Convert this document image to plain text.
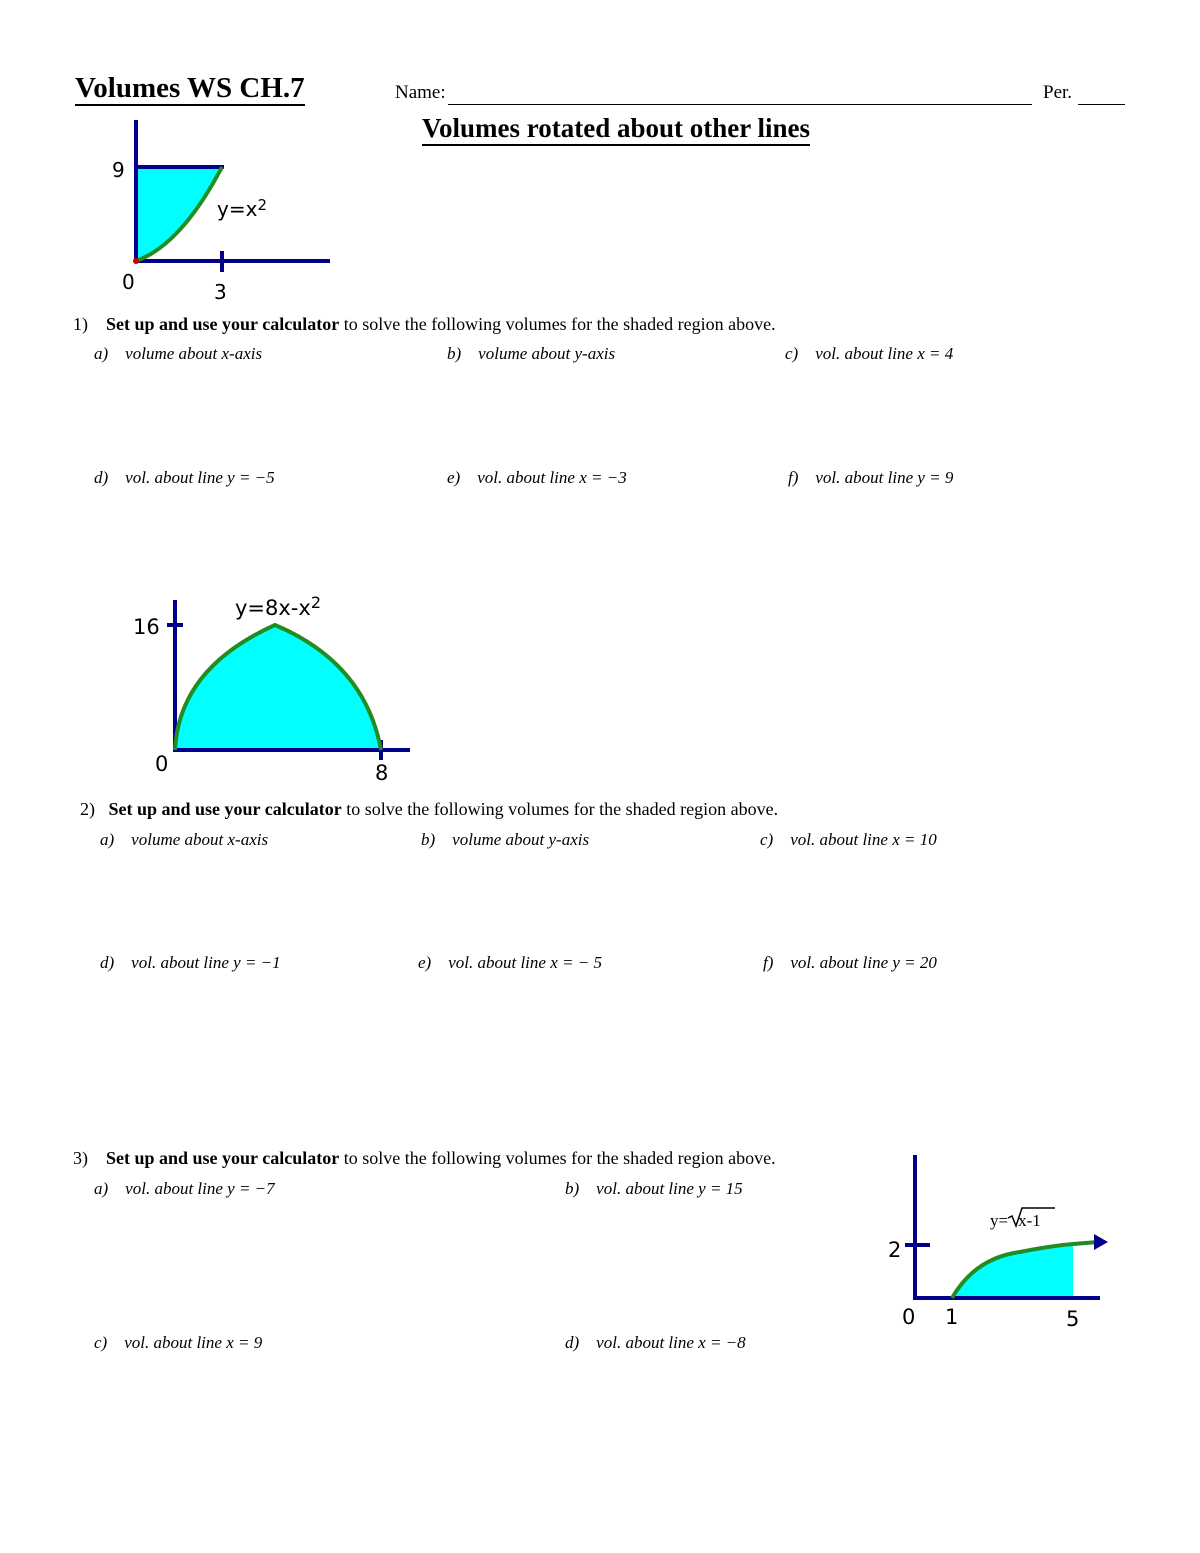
Volumes WS CH.7	Name:	Per.
Volumes rotated about other lines
9
0	3
$y=x^2$
1) Set up and use your calculator to solve the following volumes for the shaded region above.
a) volume about x-axis	b) volume about y-axis	c) vol. about line x = 4
d) vol. about line y = −5	e) vol. about line x = −3	f) vol. about line y = 9
16
0	8
$y=8x-x^2$
2) Set up and use your calculator to solve the following volumes for the shaded region above.
a) volume about x-axis	b) volume about y-axis	c) vol. about line x = 10
d) vol. about line y = −1	e) vol. about line x = − 5	f) vol. about line y = 20
3) Set up and use your calculator to solve the following volumes for the shaded region above.
a) vol. about line y = −7	b) vol. about line y = 15
c) vol. about line x = 9	d) vol. about line x = −8
2
0 1	5
y= x-1
